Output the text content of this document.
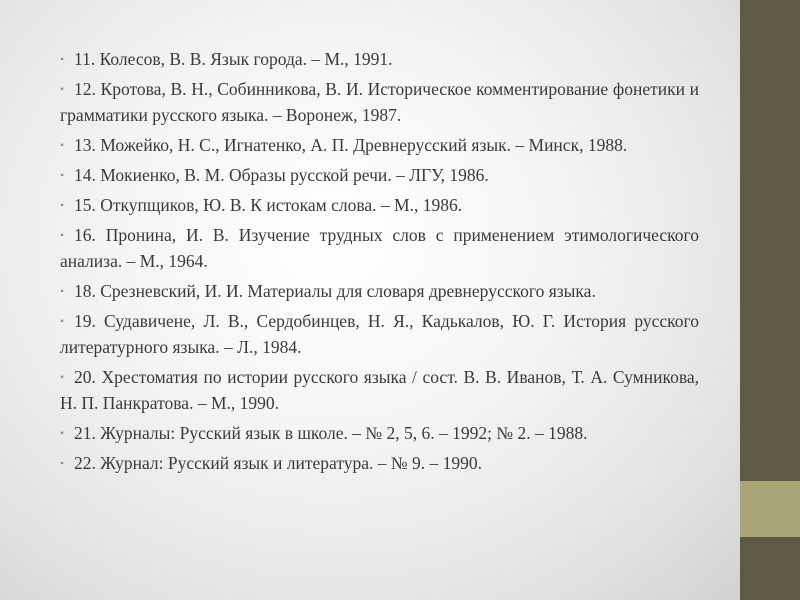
• 11. Колесов, В. В. Язык города. – М., 1991.
• 12. Кротова, В. Н., Собинникова, В. И. Историческое комментирование фонетики и грамматики русского языка. – Воронеж, 1987.
• 13. Можейко, Н. С., Игнатенко, А. П. Древнерусский язык. – Минск, 1988.
• 14. Мокиенко, В. М. Образы русской речи. – ЛГУ, 1986.
• 15. Откупщиков, Ю. В. К истокам слова. – М., 1986.
• 16. Пронина, И. В. Изучение трудных слов с применением этимологического анализа. – М., 1964.
• 18. Срезневский, И. И. Материалы для словаря древнерусского языка.
• 19. Судавичене, Л. В., Сердобинцев, Н. Я., Кадькалов, Ю. Г. История русского литературного языка. – Л., 1984.
• 20. Хрестоматия по истории русского языка / сост. В. В. Иванов, Т. А. Сумникова, Н. П. Панкратова. – М., 1990.
• 21. Журналы: Русский язык в школе. – № 2, 5, 6. – 1992; № 2. – 1988.
• 22. Журнал: Русский язык и литература. – № 9. – 1990.
